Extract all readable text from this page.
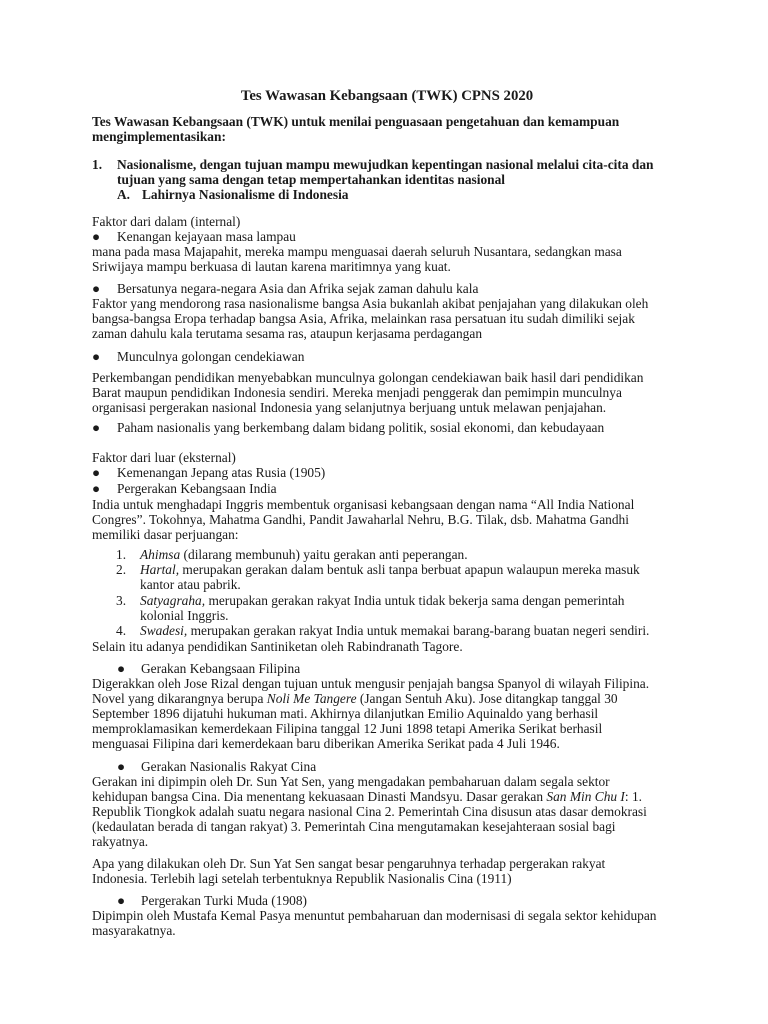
Tes Wawasan Kebangsaan (TWK) CPNS 2020
Tes Wawasan Kebangsaan (TWK) untuk menilai penguasaan pengetahuan dan kemampuan
mengimplementasikan:
1. Nasionalisme, dengan tujuan mampu mewujudkan kepentingan nasional melalui cita-cita dan
tujuan yang sama dengan tetap mempertahankan identitas nasional
A. Lahirnya Nasionalisme di Indonesia
Faktor dari dalam (internal)
● Kenangan kejayaan masa lampau
mana pada masa Majapahit, mereka mampu menguasai daerah seluruh Nusantara, sedangkan masa
Sriwijaya mampu berkuasa di lautan karena maritimnya yang kuat.
● Bersatunya negara-negara Asia dan Afrika sejak zaman dahulu kala
Faktor yang mendorong rasa nasionalisme bangsa Asia bukanlah akibat penjajahan yang dilakukan oleh
bangsa-bangsa Eropa terhadap bangsa Asia, Afrika, melainkan rasa persatuan itu sudah dimiliki sejak
zaman dahulu kala terutama sesama ras, ataupun kerjasama perdagangan
● Munculnya golongan cendekiawan
Perkembangan pendidikan menyebabkan munculnya golongan cendekiawan baik hasil dari pendidikan
Barat maupun pendidikan Indonesia sendiri. Mereka menjadi penggerak dan pemimpin munculnya
organisasi pergerakan nasional Indonesia yang selanjutnya berjuang untuk melawan penjajahan.
● Paham nasionalis yang berkembang dalam bidang politik, sosial ekonomi, dan kebudayaan
Faktor dari luar (eksternal)
● Kemenangan Jepang atas Rusia (1905)
● Pergerakan Kebangsaan India
India untuk menghadapi Inggris membentuk organisasi kebangsaan dengan nama “All India National
Congres”. Tokohnya, Mahatma Gandhi, Pandit Jawaharlal Nehru, B.G. Tilak, dsb. Mahatma Gandhi
memiliki dasar perjuangan:
1. Ahimsa (dilarang membunuh) yaitu gerakan anti peperangan.
2. Hartal, merupakan gerakan dalam bentuk asli tanpa berbuat apapun walaupun mereka masuk
kantor atau pabrik.
3. Satyagraha, merupakan gerakan rakyat India untuk tidak bekerja sama dengan pemerintah
kolonial Inggris.
4. Swadesi, merupakan gerakan rakyat India untuk memakai barang-barang buatan negeri sendiri.
Selain itu adanya pendidikan Santiniketan oleh Rabindranath Tagore.
● Gerakan Kebangsaan Filipina
Digerakkan oleh Jose Rizal dengan tujuan untuk mengusir penjajah bangsa Spanyol di wilayah Filipina.
Novel yang dikarangnya berupa Noli Me Tangere (Jangan Sentuh Aku). Jose ditangkap tanggal 30
September 1896 dijatuhi hukuman mati. Akhirnya dilanjutkan Emilio Aquinaldo yang berhasil
memproklamasikan kemerdekaan Filipina tanggal 12 Juni 1898 tetapi Amerika Serikat berhasil
menguasai Filipina dari kemerdekaan baru diberikan Amerika Serikat pada 4 Juli 1946.
● Gerakan Nasionalis Rakyat Cina
Gerakan ini dipimpin oleh Dr. Sun Yat Sen, yang mengadakan pembaharuan dalam segala sektor
kehidupan bangsa Cina. Dia menentang kekuasaan Dinasti Mandsyu. Dasar gerakan San Min Chu I: 1.
Republik Tiongkok adalah suatu negara nasional Cina 2. Pemerintah Cina disusun atas dasar demokrasi
(kedaulatan berada di tangan rakyat) 3. Pemerintah Cina mengutamakan kesejahteraan sosial bagi
rakyatnya.
Apa yang dilakukan oleh Dr. Sun Yat Sen sangat besar pengaruhnya terhadap pergerakan rakyat
Indonesia. Terlebih lagi setelah terbentuknya Republik Nasionalis Cina (1911)
● Pergerakan Turki Muda (1908)
Dipimpin oleh Mustafa Kemal Pasya menuntut pembaharuan dan modernisasi di segala sektor kehidupan
masyarakatnya.
